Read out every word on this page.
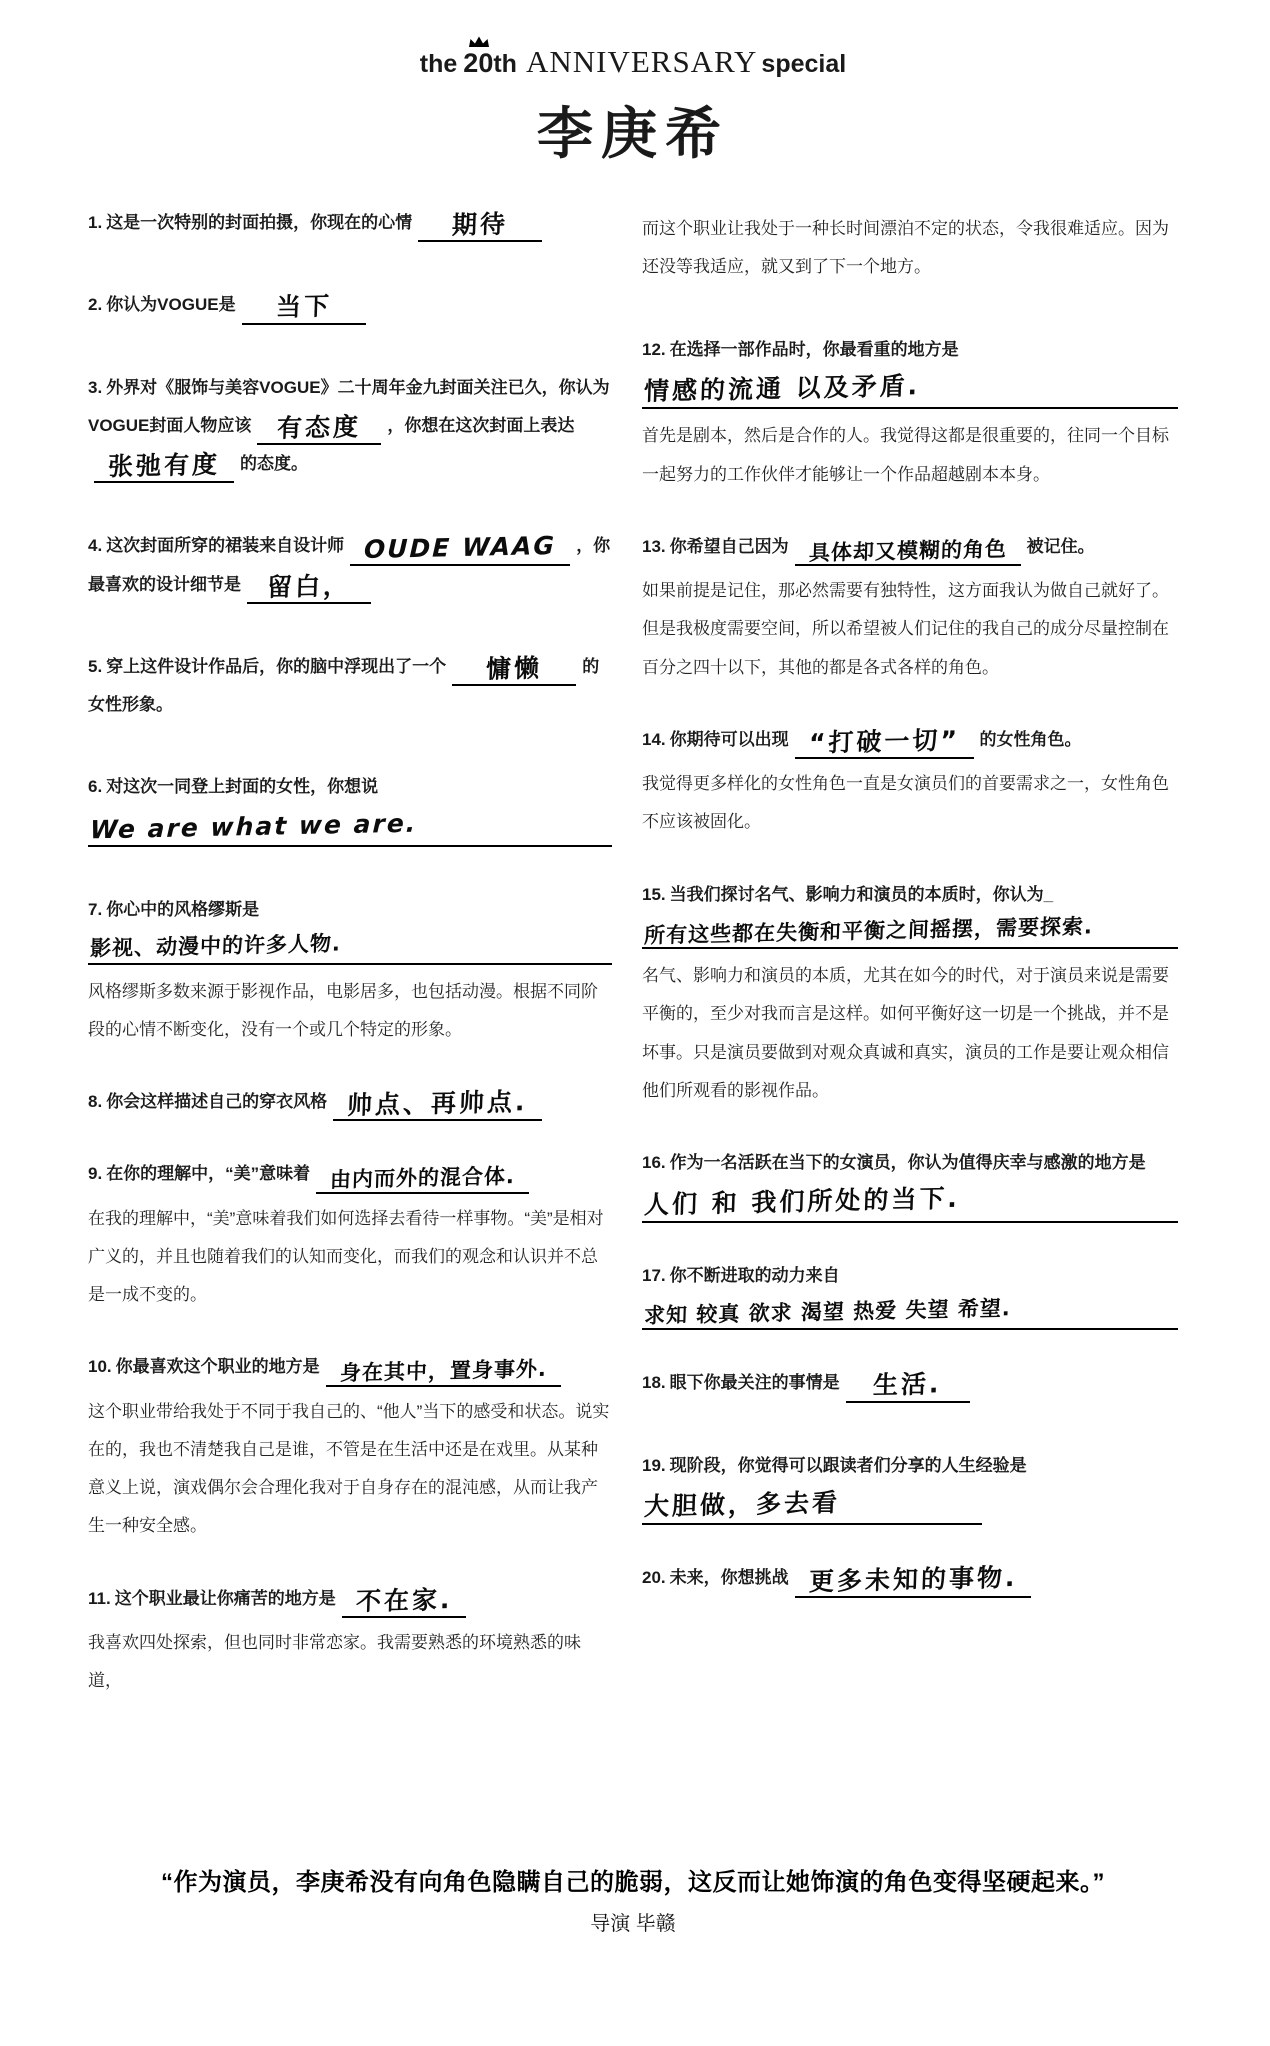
the 20th ANNIVERSARY special
李庚希

1. 这是一次特别的封面拍摄，你现在的心情 期待

2. 你认为VOGUE是 当下

3. 外界对《服饰与美容VOGUE》二十周年金九封面关注已久，你认为VOGUE封面人物应该 有态度 ，你想在这次封面上表达张弛有度 的态度。

4. 这次封面所穿的裙装来自设计师 OUDE WAAG ，你最喜欢的设计细节是 留白，

5. 穿上这件设计作品后，你的脑中浮现出了一个 慵懒 的女性形象。

6. 对这次一同登上封面的女性，你想说

We are what we are.

7. 你心中的风格缪斯是

影视、动漫中的许多人物.

风格缪斯多数来源于影视作品，电影居多，也包括动漫。根据不同阶段的心情不断变化，没有一个或几个特定的形象。

8. 你会这样描述自己的穿衣风格 帅点、再帅点.

9. 在你的理解中，“美”意味着 由内而外的混合体.

在我的理解中，“美”意味着我们如何选择去看待一样事物。“美”是相对广义的，并且也随着我们的认知而变化，而我们的观念和认识并不总是一成不变的。

10. 你最喜欢这个职业的地方是 身在其中，置身事外.

这个职业带给我处于不同于我自己的、“他人”当下的感受和状态。说实在的，我也不清楚我自己是谁，不管是在生活中还是在戏里。从某种意义上说，演戏偶尔会合理化我对于自身存在的混沌感，从而让我产生一种安全感。

11. 这个职业最让你痛苦的地方是 不在家.

我喜欢四处探索，但也同时非常恋家。我需要熟悉的环境熟悉的味道，

而这个职业让我处于一种长时间漂泊不定的状态，令我很难适应。因为还没等我适应，就又到了下一个地方。

12. 在选择一部作品时，你最看重的地方是

情感的流通 以及矛盾.

首先是剧本，然后是合作的人。我觉得这都是很重要的，往同一个目标一起努力的工作伙伴才能够让一个作品超越剧本本身。

13. 你希望自己因为 具体却又模糊的角色 被记住。

如果前提是记住，那必然需要有独特性，这方面我认为做自己就好了。但是我极度需要空间，所以希望被人们记住的我自己的成分尽量控制在百分之四十以下，其他的都是各式各样的角色。

14. 你期待可以出现 “打破一切” 的女性角色。

我觉得更多样化的女性角色一直是女演员们的首要需求之一，女性角色不应该被固化。

15. 当我们探讨名气、影响力和演员的本质时，你认为_

所有这些都在失衡和平衡之间摇摆，需要探索.

名气、影响力和演员的本质，尤其在如今的时代，对于演员来说是需要平衡的，至少对我而言是这样。如何平衡好这一切是一个挑战，并不是坏事。只是演员要做到对观众真诚和真实，演员的工作是要让观众相信他们所观看的影视作品。

16. 作为一名活跃在当下的女演员，你认为值得庆幸与感激的地方是

人们 和 我们所处的当下.

17. 你不断进取的动力来自

求知 较真 欲求 渴望 热爱 失望 希望.

18. 眼下你最关注的事情是 生活.

19. 现阶段，你觉得可以跟读者们分享的人生经验是

大胆做，多去看

20. 未来，你想挑战 更多未知的事物.

“作为演员，李庚希没有向角色隐瞒自己的脆弱，这反而让她饰演的角色变得坚硬起来。”

导演 毕赣
